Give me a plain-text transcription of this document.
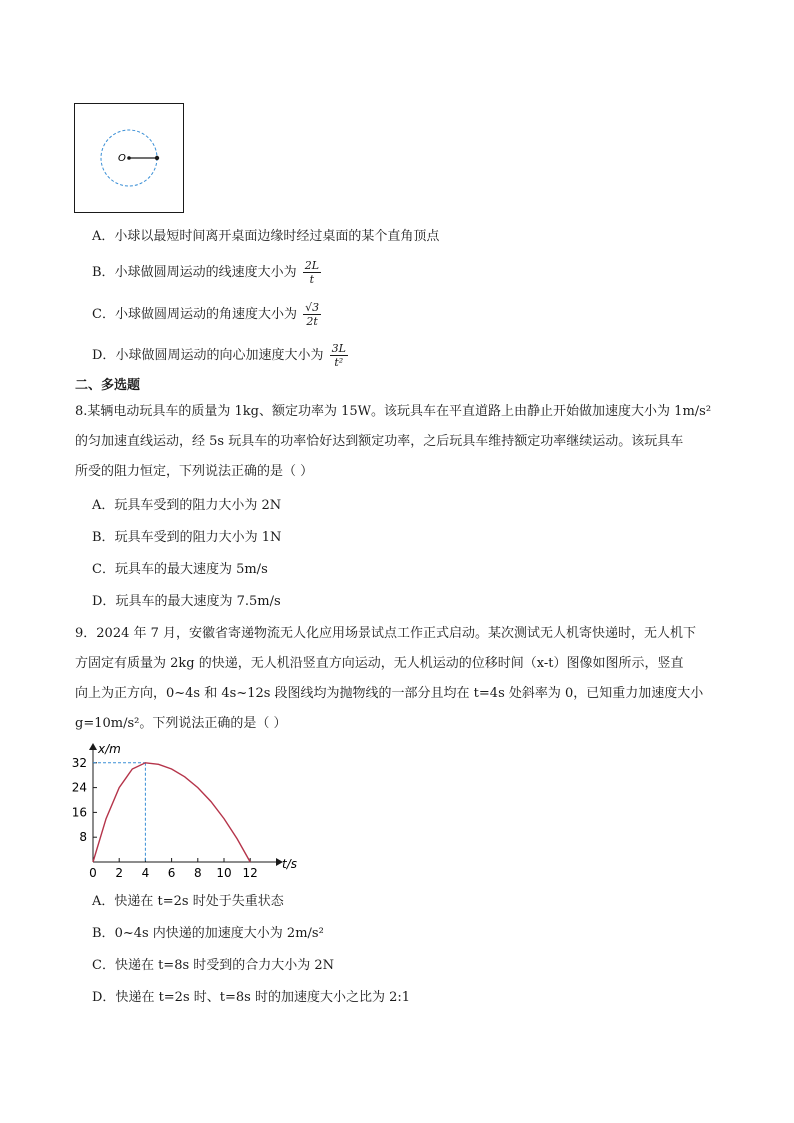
O
A．小球以最短时间离开桌面边缘时经过桌面的某个直角顶点
B．小球做圆周运动的线速度大小为 $\frac{2L}{t}$
C．小球做圆周运动的角速度大小为 $\frac{√3}{2t}$
D．小球做圆周运动的向心加速度大小为 $\frac{3L}{\text{t²}}$
二、多选题
8.某辆电动玩具车的质量为 1kg、额定功率为 15W。该玩具车在平直道路上由静止开始做加速度大小为 1m/s²
的匀加速直线运动，经 5s 玩具车的功率恰好达到额定功率，之后玩具车维持额定功率继续运动。该玩具车
所受的阻力恒定，下列说法正确的是（ ）
A．玩具车受到的阻力大小为 2N
B．玩具车受到的阻力大小为 1N
C．玩具车的最大速度为 5m/s
D．玩具车的最大速度为 7.5m/s
9．2024 年 7 月，安徽省寄递物流无人化应用场景试点工作正式启动。某次测试无人机寄快递时，无人机下
方固定有质量为 2kg 的快递，无人机沿竖直方向运动，无人机运动的位移时间（x-t）图像如图所示，竖直
向上为正方向，0~4s 和 4s~12s 段图线均为抛物线的一部分且均在 t=4s 处斜率为 0，已知重力加速度大小
g=10m/s²。下列说法正确的是（ ）
8
16
24
32
0 2 4 6 8 10 12
x/m
t/s
A．快递在 t=2s 时处于失重状态
B．0~4s 内快递的加速度大小为 2m/s²
C．快递在 t=8s 时受到的合力大小为 2N
D．快递在 t=2s 时、t=8s 时的加速度大小之比为 2:1
